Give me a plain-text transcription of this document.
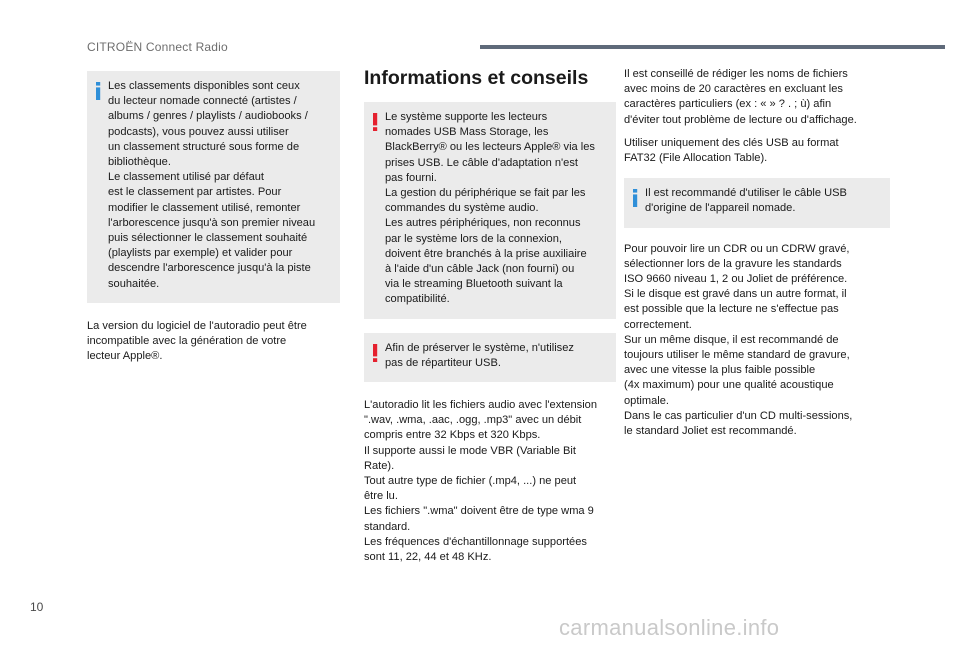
CITROËN Connect Radio

Les classements disponibles sont ceux
du lecteur nomade connecté (artistes /
albums / genres / playlists / audiobooks /
podcasts), vous pouvez aussi utiliser
un classement structuré sous forme de
bibliothèque.
Le classement utilisé par défaut
est le classement par artistes. Pour
modifier le classement utilisé, remonter
l'arborescence jusqu'à son premier niveau
puis sélectionner le classement souhaité
(playlists par exemple) et valider pour
descendre l'arborescence jusqu'à la piste
souhaitée.

La version du logiciel de l'autoradio peut être
incompatible avec la génération de votre
lecteur Apple®.

Informations et conseils

Le système supporte les lecteurs
nomades USB Mass Storage, les
BlackBerry® ou les lecteurs Apple® via les
prises USB. Le câble d'adaptation n'est
pas fourni.
La gestion du périphérique se fait par les
commandes du système audio.
Les autres périphériques, non reconnus
par le système lors de la connexion,
doivent être branchés à la prise auxiliaire
à l'aide d'un câble Jack (non fourni) ou
via le streaming Bluetooth suivant la
compatibilité.

Afin de préserver le système, n'utilisez
pas de répartiteur USB.

L'autoradio lit les fichiers audio avec l'extension
".wav, .wma, .aac, .ogg, .mp3" avec un débit
compris entre 32 Kbps et 320 Kbps.
Il supporte aussi le mode VBR (Variable Bit
Rate).
Tout autre type de fichier (.mp4, ...) ne peut
être lu.
Les fichiers ".wma" doivent être de type wma 9
standard.
Les fréquences d'échantillonnage supportées
sont 11, 22, 44 et 48 KHz.

Il est conseillé de rédiger les noms de fichiers
avec moins de 20 caractères en excluant les
caractères particuliers (ex : « » ? . ; ù) afin
d'éviter tout problème de lecture ou d'affichage.

Utiliser uniquement des clés USB au format
FAT32 (File Allocation Table).

Il est recommandé d'utiliser le câble USB
d'origine de l'appareil nomade.

Pour pouvoir lire un CDR ou un CDRW gravé,
sélectionner lors de la gravure les standards
ISO 9660 niveau 1, 2 ou Joliet de préférence.
Si le disque est gravé dans un autre format, il
est possible que la lecture ne s'effectue pas
correctement.
Sur un même disque, il est recommandé de
toujours utiliser le même standard de gravure,
avec une vitesse la plus faible possible
(4x maximum) pour une qualité acoustique
optimale.
Dans le cas particulier d'un CD multi-sessions,
le standard Joliet est recommandé.

10
carmanualsonline.info
